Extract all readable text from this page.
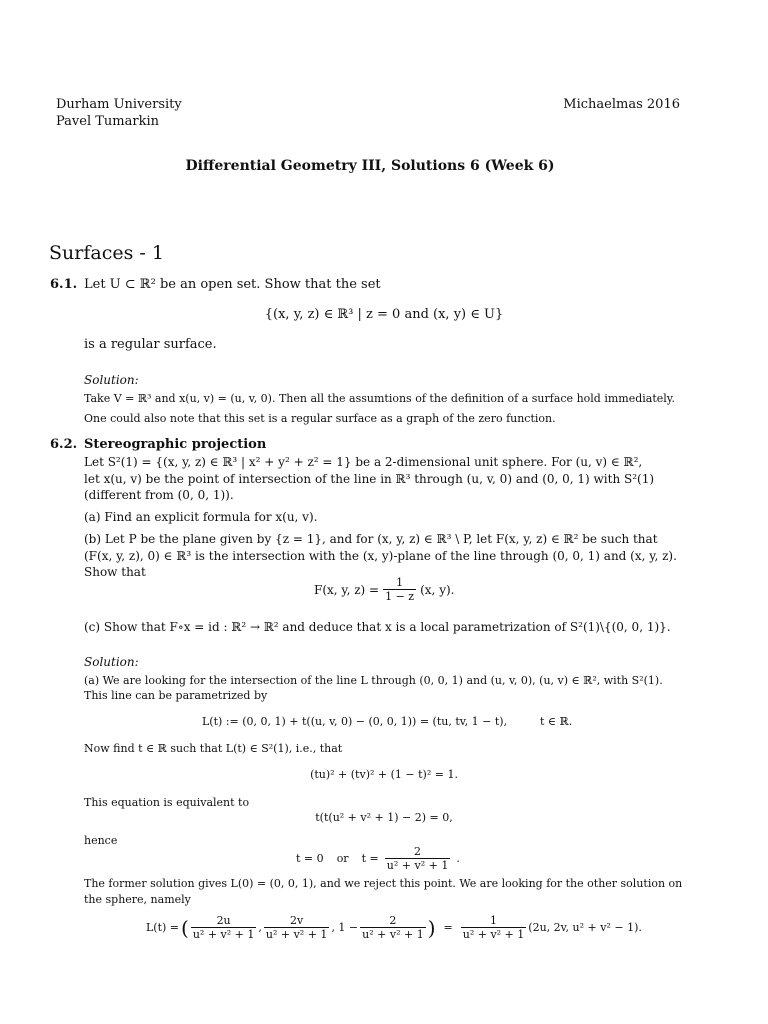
Durham University
Pavel Tumarkin
Michaelmas 2016
Differential Geometry III, Solutions 6 (Week 6)
Surfaces - 1
6.1. Let U ⊂ ℝ² be an open set. Show that the set
{(x, y, z) ∈ ℝ³ | z = 0 and (x, y) ∈ U}
is a regular surface.
Solution:
Take V = ℝ³ and x(u, v) = (u, v, 0). Then all the assumtions of the definition of a surface hold immediately.
One could also note that this set is a regular surface as a graph of the zero function.
6.2. Stereographic projection
Let S²(1) = {(x, y, z) ∈ ℝ³ | x² + y² + z² = 1} be a 2-dimensional unit sphere. For (u, v) ∈ ℝ²,
let x(u, v) be the point of intersection of the line in ℝ³ through (u, v, 0) and (0, 0, 1) with S²(1)
(different from (0, 0, 1)).
(a) Find an explicit formula for x(u, v).
(b) Let P be the plane given by {z = 1}, and for (x, y, z) ∈ ℝ³ \ P, let F(x, y, z) ∈ ℝ² be such that
(F(x, y, z), 0) ∈ ℝ³ is the intersection with the (x, y)-plane of the line through (0, 0, 1) and (x, y, z).
Show that
F(x, y, $z) = \frac{1}{1 - z} (x$, y).
(c) Show that F∘x = id : ℝ² → ℝ² and deduce that x is a local parametrization of S²(1)\{(0, 0, 1)}.
Solution:
(a) We are looking for the intersection of the line L through (0, 0, 1) and (u, v, 0), (u, v) ∈ ℝ², with S²(1).
This line can be parametrized by
L(t) := (0, 0, 1) + t((u, v, 0) − (0, 0, 1)) = (tu, tv, 1 − t),	t ∈ ℝ.
Now find t ∈ ℝ such that L(t) ∈ S²(1), i.e., that
(tu)² + (tv)² + (1 − t)² = 1.
This equation is equivalent to
t(t(u² + v² + 1) − 2) = 0,
hence
t = 0	or	$t = \frac{2}{\text{u² + v² + 1}}$ .
The former solution gives L(0) = (0, 0, 1), and we reject this point. We are looking for the other solution on
the sphere, namely
L(t) = ( $\frac{2u}{\text{u² + v² + 1}}$ , $\frac{2v}{\text{u² + v² + 1}}$ , $1 - \frac{2}{\text{u² + v² + 1}}$ ) = $\frac{1}{\text{u² + v² + 1}} (2u$, 2v, u² + v² − 1).
